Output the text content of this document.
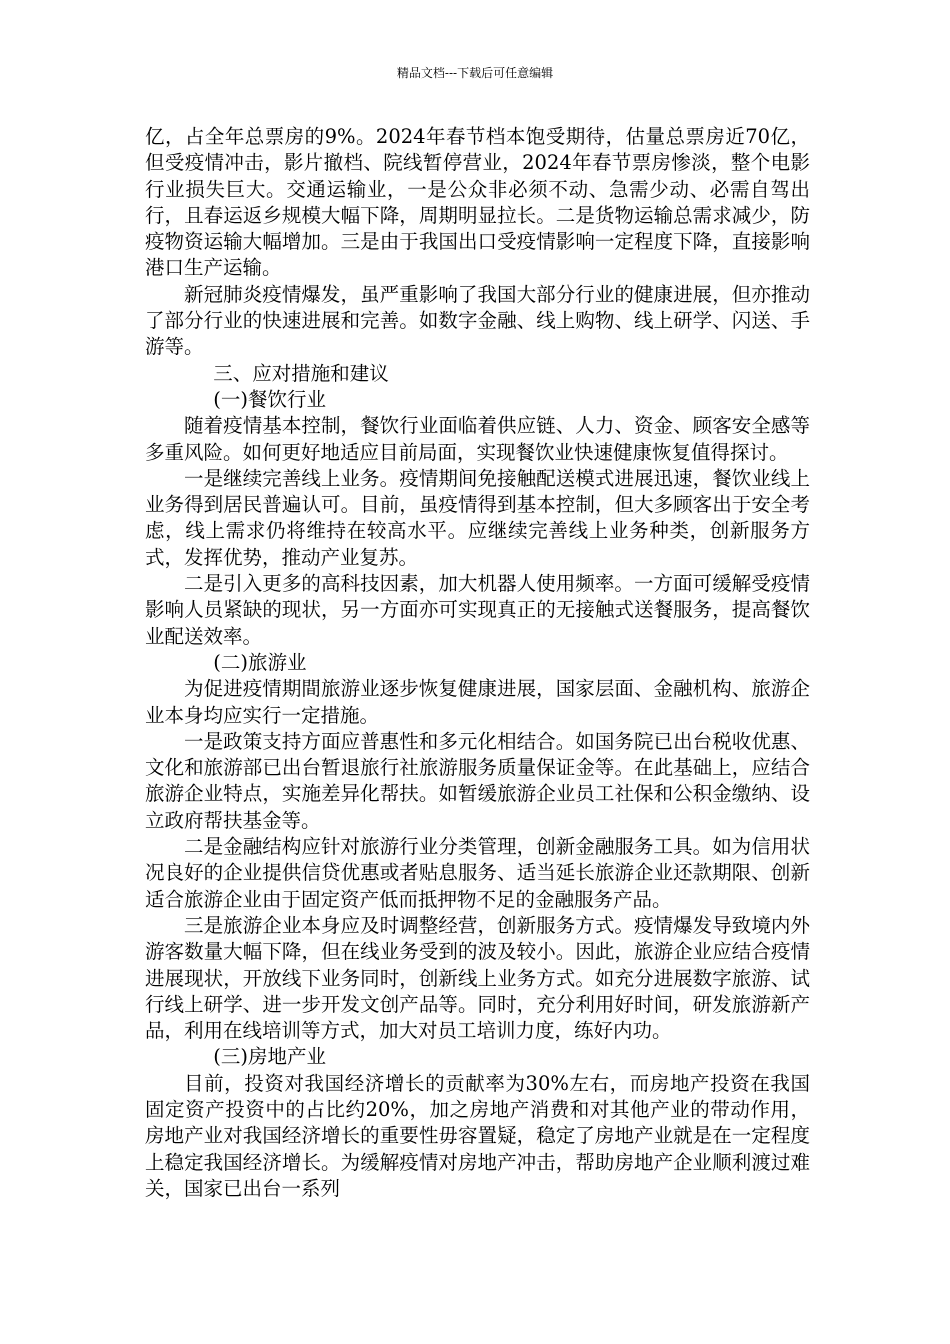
精品文档---下载后可任意编辑

亿，占全年总票房的9%。2024年春节档本饱受期待，估量总票房近70亿，但受疫情冲击，影片撤档、院线暂停营业，2024年春节票房惨淡，整个电影行业损失巨大。交通运输业，一是公众非必须不动、急需少动、必需自驾出行，且春运返乡规模大幅下降，周期明显拉长。二是货物运输总需求减少，防疫物资运输大幅增加。三是由于我国出口受疫情影响一定程度下降，直接影响港口生产运输。

新冠肺炎疫情爆发，虽严重影响了我国大部分行业的健康进展，但亦推动了部分行业的快速进展和完善。如数字金融、线上购物、线上研学、闪送、手游等。

三、应对措施和建议

(一)餐饮行业

随着疫情基本控制，餐饮行业面临着供应链、人力、资金、顾客安全感等多重风险。如何更好地适应目前局面，实现餐饮业快速健康恢复值得探讨。

一是继续完善线上业务。疫情期间免接触配送模式进展迅速，餐饮业线上业务得到居民普遍认可。目前，虽疫情得到基本控制，但大多顾客出于安全考虑，线上需求仍将维持在较高水平。应继续完善线上业务种类，创新服务方式，发挥优势，推动产业复苏。

二是引入更多的高科技因素，加大机器人使用频率。一方面可缓解受疫情影响人员紧缺的现状，另一方面亦可实现真正的无接触式送餐服务，提高餐饮业配送效率。

(二)旅游业

为促进疫情期間旅游业逐步恢复健康进展，国家层面、金融机构、旅游企业本身均应实行一定措施。

一是政策支持方面应普惠性和多元化相结合。如国务院已出台税收优惠、文化和旅游部已出台暂退旅行社旅游服务质量保证金等。在此基础上，应结合旅游企业特点，实施差异化帮扶。如暂缓旅游企业员工社保和公积金缴纳、设立政府帮扶基金等。

二是金融结构应针对旅游行业分类管理，创新金融服务工具。如为信用状况良好的企业提供信贷优惠或者贴息服务、适当延长旅游企业还款期限、创新适合旅游企业由于固定资产低而抵押物不足的金融服务产品。

三是旅游企业本身应及时调整经营，创新服务方式。疫情爆发导致境内外游客数量大幅下降，但在线业务受到的波及较小。因此，旅游企业应结合疫情进展现状，开放线下业务同时，创新线上业务方式。如充分进展数字旅游、试行线上研学、进一步开发文创产品等。同时，充分利用好时间，研发旅游新产品，利用在线培训等方式，加大对员工培训力度，练好内功。

(三)房地产业

目前，投资对我国经济增长的贡献率为30%左右，而房地产投资在我国固定资产投资中的占比约20%，加之房地产消费和对其他产业的带动作用，房地产业对我国经济增长的重要性毋容置疑，稳定了房地产业就是在一定程度上稳定我国经济增长。为缓解疫情对房地产冲击，帮助房地产企业顺利渡过难关，国家已出台一系列
